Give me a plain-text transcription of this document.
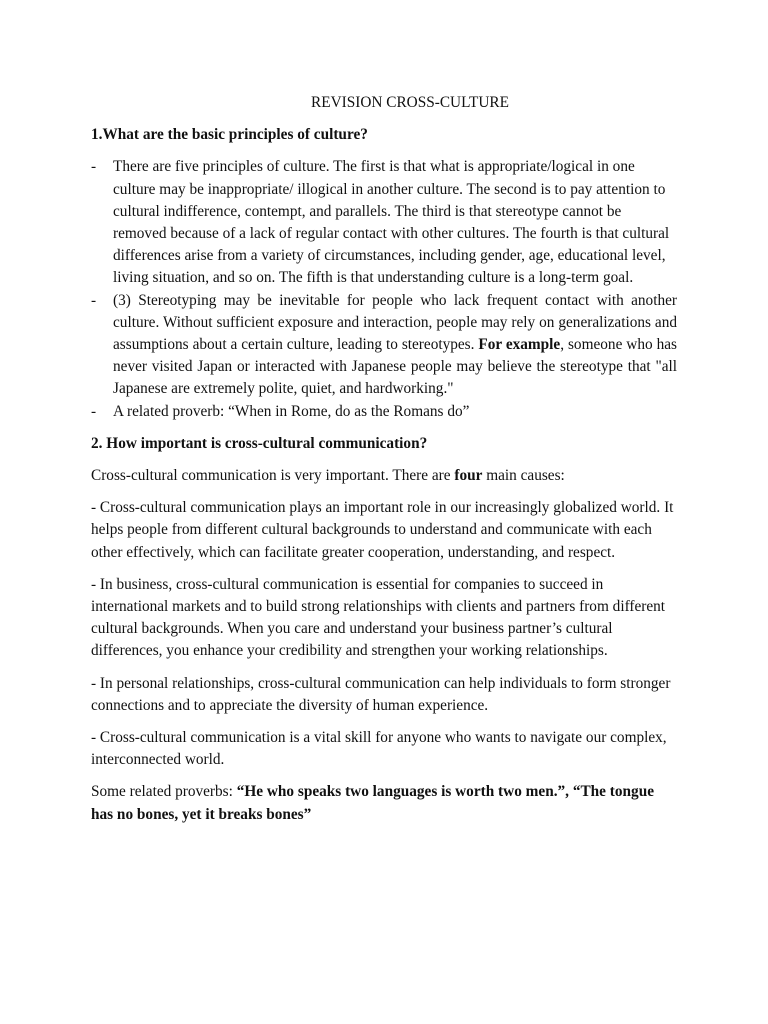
REVISION CROSS-CULTURE
1.What are the basic principles of culture?
- There are five principles of culture. The first is that what is appropriate/logical in one culture may be inappropriate/ illogical in another culture. The second is to pay attention to cultural indifference, contempt, and parallels. The third is that stereotype cannot be removed because of a lack of regular contact with other cultures. The fourth is that cultural differences arise from a variety of circumstances, including gender, age, educational level, living situation, and so on. The fifth is that understanding culture is a long-term goal.
- (3) Stereotyping may be inevitable for people who lack frequent contact with another culture. Without sufficient exposure and interaction, people may rely on generalizations and assumptions about a certain culture, leading to stereotypes. For example, someone who has never visited Japan or interacted with Japanese people may believe the stereotype that "all Japanese are extremely polite, quiet, and hardworking."
- A related proverb: “When in Rome, do as the Romans do”
2. How important is cross-cultural communication?

Cross-cultural communication is very important. There are four main causes:

- Cross-cultural communication plays an important role in our increasingly globalized world. It helps people from different cultural backgrounds to understand and communicate with each other effectively, which can facilitate greater cooperation, understanding, and respect.

- In business, cross-cultural communication is essential for companies to succeed in international markets and to build strong relationships with clients and partners from different cultural backgrounds. When you care and understand your business partner’s cultural differences, you enhance your credibility and strengthen your working relationships.

- In personal relationships, cross-cultural communication can help individuals to form stronger connections and to appreciate the diversity of human experience.

- Cross-cultural communication is a vital skill for anyone who wants to navigate our complex, interconnected world.

Some related proverbs: “He who speaks two languages is worth two men.”, “The tongue has no bones, yet it breaks bones”
